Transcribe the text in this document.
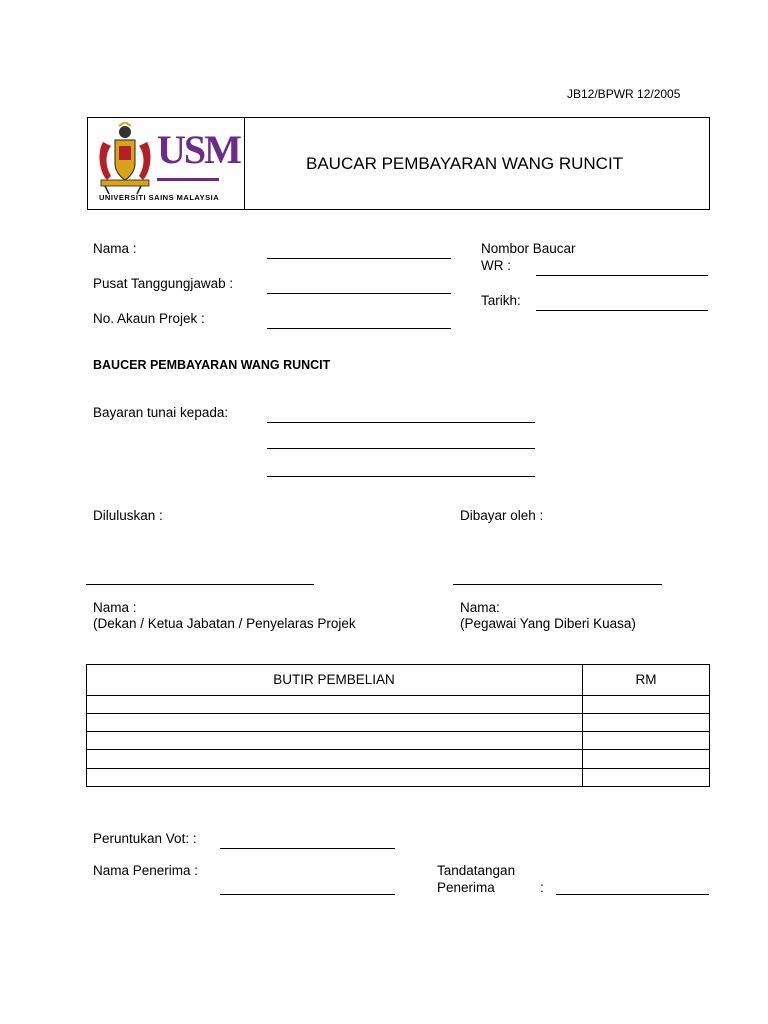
JB12/BPWR 12/2005
USM
UNIVERSITI SAINS MALAYSIA
BAUCAR PEMBAYARAN WANG RUNCIT
Nama :
Pusat Tanggungjawab :
No. Akaun Projek :
Nombor Baucar
WR :
Tarikh:
BAUCER PEMBAYARAN WANG RUNCIT
Bayaran tunai kepada:
Diluluskan :	Dibayar oleh :
Nama :
(Dekan / Ketua Jabatan / Penyelaras Projek
Nama:
(Pegawai Yang Diberi Kuasa)
BUTIR PEMBELIAN	RM
Peruntukan Vot: :
Nama Penerima :	Tandatangan
Penerima	:
